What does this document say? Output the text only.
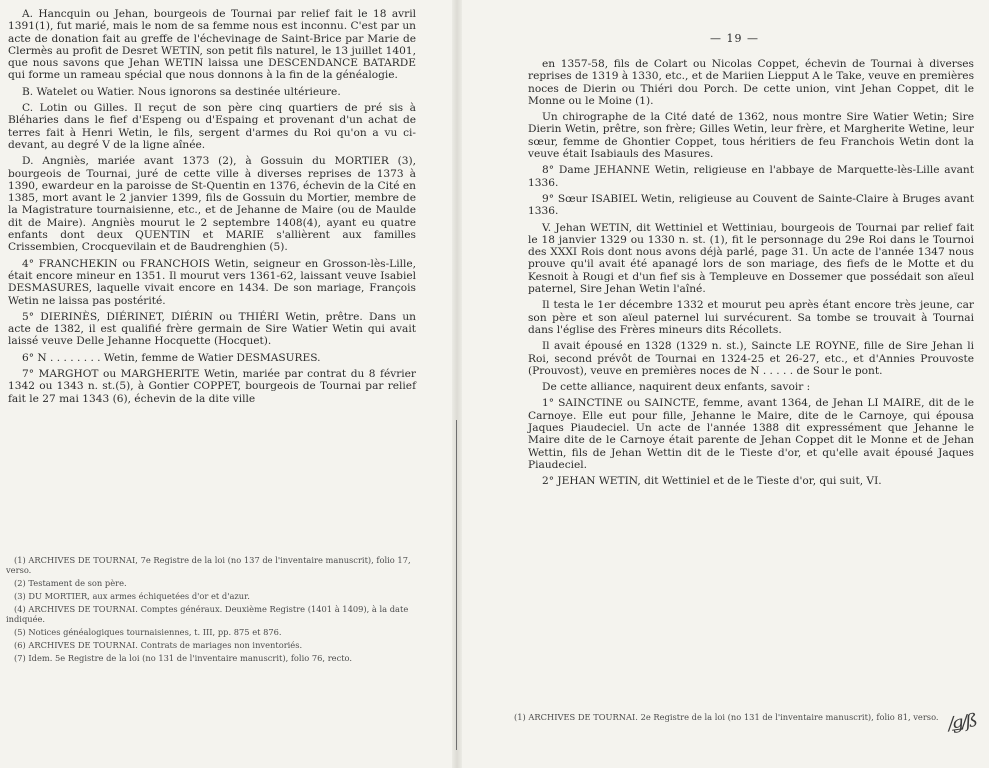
A. Hancquin ou Jehan, bourgeois de Tournai par relief fait le 18 avril 1391(1), fut marié, mais le nom de sa femme nous est inconnu. C'est par un acte de donation fait au greffe de l'échevinage de Saint-Brice par Marie de Clermès au profit de Desret WETIN, son petit fils naturel, le 13 juillet 1401, que nous savons que Jehan WETIN laissa une DESCENDANCE BATARDE qui forme un rameau spécial que nous donnons à la fin de la généalogie.

B. Watelet ou Watier. Nous ignorons sa destinée ultérieure.

C. Lotin ou Gilles. Il reçut de son père cinq quartiers de pré sis à Bléharies dans le fief d'Espeng ou d'Espaing et provenant d'un achat de terres fait à Henri Wetin, le fils, sergent d'armes du Roi qu'on a vu ci-devant, au degré V de la ligne aînée.

D. Angniès, mariée avant 1373 (2), à Gossuin du MORTIER (3), bourgeois de Tournai, juré de cette ville à diverses reprises de 1373 à 1390, ewardeur en la paroisse de St-Quentin en 1376, échevin de la Cité en 1385, mort avant le 2 janvier 1399, fils de Gossuin du Mortier, membre de la Magistrature tournaisienne, etc., et de Jehanne de Maire (ou de Maulde dit de Maire). Angniès mourut le 2 septembre 1408(4), ayant eu quatre enfants dont deux QUENTIN et MARIE s'allièrent aux familles Crissembien, Crocquevilain et de Baudrenghien (5).

4° FRANCHEKIN ou FRANCHOIS Wetin, seigneur en Grosson-lès-Lille, était encore mineur en 1351. Il mourut vers 1361-62, laissant veuve Isabiel DESMASURES, laquelle vivait encore en 1434. De son mariage, François Wetin ne laissa pas postérité.

5° DIERINÈS, DIÉRINET, DIÉRIN ou THIÉRI Wetin, prêtre. Dans un acte de 1382, il est qualifié frère germain de Sire Watier Wetin qui avait laissé veuve Delle Jehanne Hocquette (Hocquet).

6° N . . . . . . . . Wetin, femme de Watier DESMASURES.

7° MARGHOT ou MARGHERITE Wetin, mariée par contrat du 8 février 1342 ou 1343 n. st.(5), à Gontier COPPET, bourgeois de Tournai par relief fait le 27 mai 1343 (6), échevin de la dite ville

(1) ARCHIVES DE TOURNAI, 7e Registre de la loi (no 137 de l'inventaire manuscrit), folio 17, verso.

(2) Testament de son père.

(3) DU MORTIER, aux armes échiquetées d'or et d'azur.

(4) ARCHIVES DE TOURNAI. Comptes généraux. Deuxième Registre (1401 à 1409), à la date indiquée.

(5) Notices généalogiques tournaisiennes, t. III, pp. 875 et 876.

(6) ARCHIVES DE TOURNAI. Contrats de mariages non inventoriés.

(7) Idem. 5e Registre de la loi (no 131 de l'inventaire manuscrit), folio 76, recto.

— 19 —

en 1357-58, fils de Colart ou Nicolas Coppet, échevin de Tournai à diverses reprises de 1319 à 1330, etc., et de Mariien Liepput A le Take, veuve en premières noces de Dierin ou Thiéri dou Porch. De cette union, vint Jehan Coppet, dit le Monne ou le Moine (1).

Un chirographe de la Cité daté de 1362, nous montre Sire Watier Wetin; Sire Dierin Wetin, prêtre, son frère; Gilles Wetin, leur frère, et Margherite Wetine, leur sœur, femme de Ghontier Coppet, tous héritiers de feu Franchois Wetin dont la veuve était Isabiauls des Masures.

8° Dame JEHANNE Wetin, religieuse en l'abbaye de Marquette-lès-Lille avant 1336.

9° Sœur ISABIEL Wetin, religieuse au Couvent de Sainte-Claire à Bruges avant 1336.

V. Jehan WETIN, dit Wettiniel et Wettiniau, bourgeois de Tournai par relief fait le 18 janvier 1329 ou 1330 n. st. (1), fit le personnage du 29e Roi dans le Tournoi des XXXI Rois dont nous avons déjà parlé, page 31. Un acte de l'année 1347 nous prouve qu'il avait été apanagé lors de son mariage, des fiefs de le Motte et du Kesnoit à Rougi et d'un fief sis à Templeuve en Dossemer que possédait son aïeul paternel, Sire Jehan Wetin l'aîné.

Il testa le 1er décembre 1332 et mourut peu après étant encore très jeune, car son père et son aïeul paternel lui survécurent. Sa tombe se trouvait à Tournai dans l'église des Frères mineurs dits Récollets.

Il avait épousé en 1328 (1329 n. st.), Saincte LE ROYNE, fille de Sire Jehan li Roi, second prévôt de Tournai en 1324-25 et 26-27, etc., et d'Annies Prouvoste (Prouvost), veuve en premières noces de N . . . . . de Sour le pont.

De cette alliance, naquirent deux enfants, savoir :

1° SAINCTINE ou SAINCTE, femme, avant 1364, de Jehan LI MAIRE, dit de le Carnoye. Elle eut pour fille, Jehanne le Maire, dite de le Carnoye, qui épousa Jaques Piaudeciel. Un acte de l'année 1388 dit expressément que Jehanne le Maire dite de le Carnoye était parente de Jehan Coppet dit le Monne et de Jehan Wettin, fils de Jehan Wettin dit de le Tieste d'or, et qu'elle avait épousé Jaques Piaudeciel.

2° JEHAN WETIN, dit Wettiniel et de le Tieste d'or, qui suit, VI.

(1) ARCHIVES DE TOURNAI. 2e Registre de la loi (no 131 de l'inventaire manuscrit), folio 81, verso. /ǥ/ß
